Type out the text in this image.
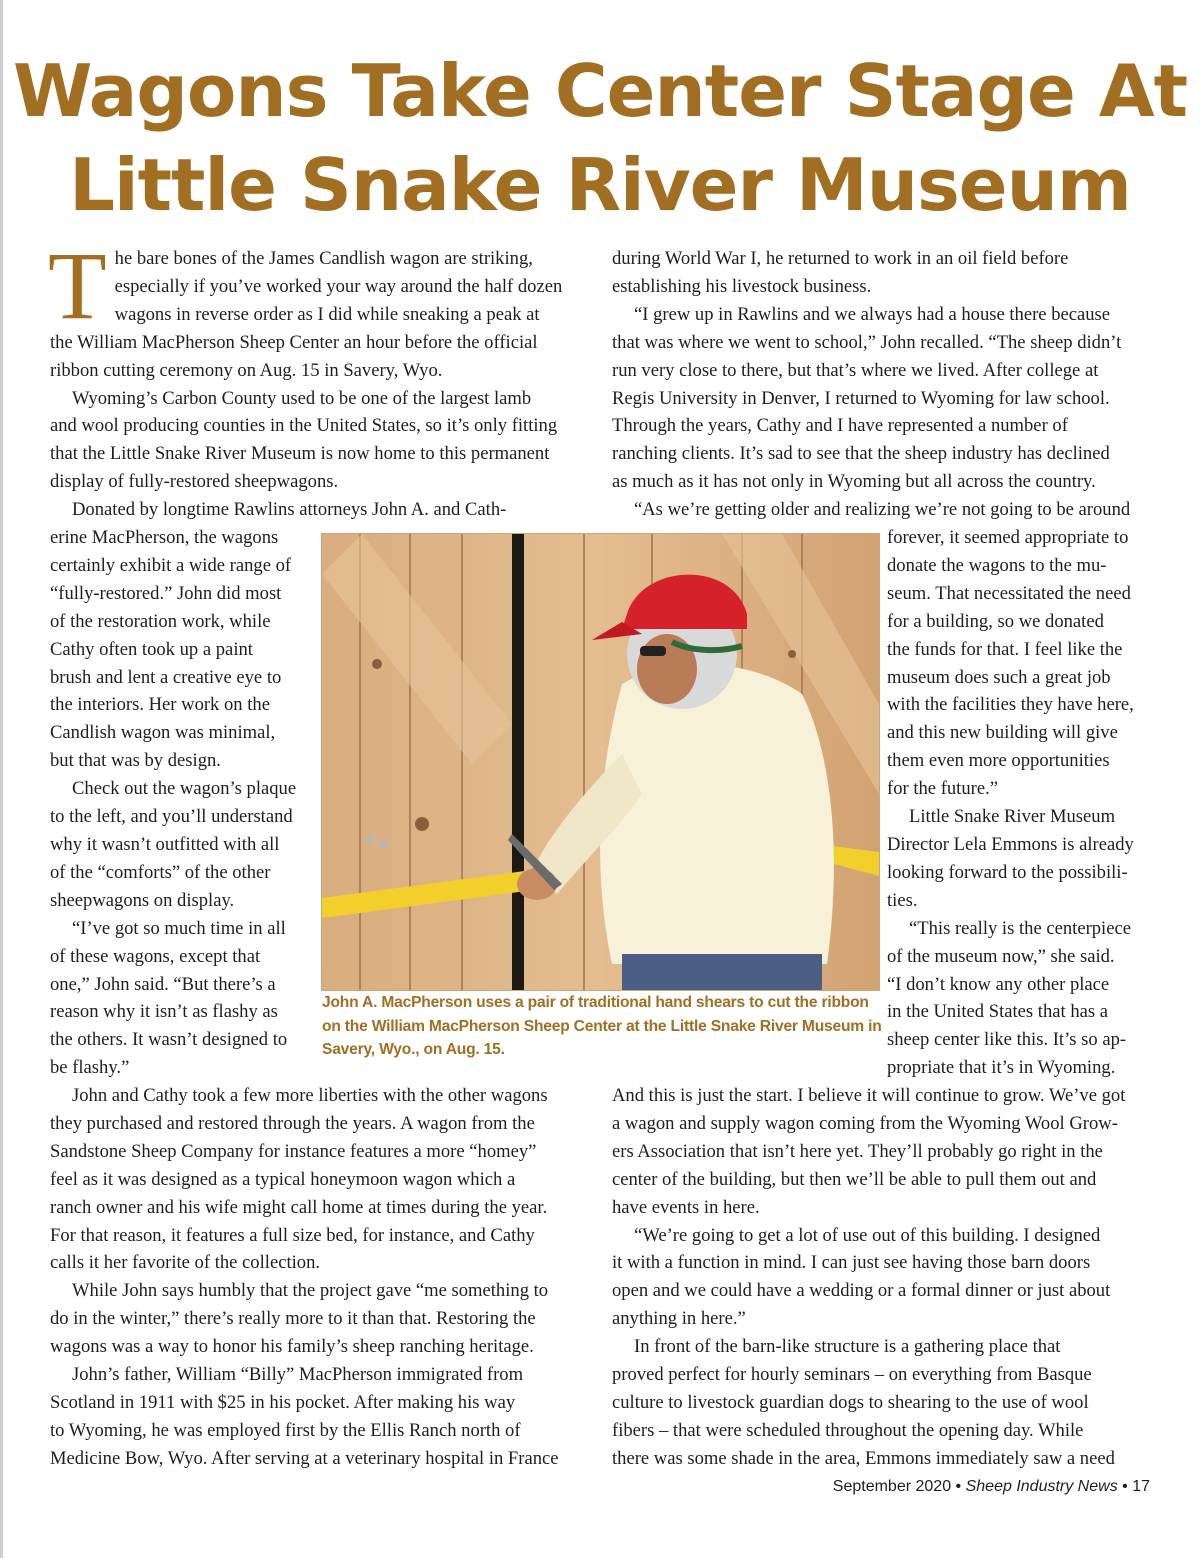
Wagons Take Center Stage At
Little Snake River Museum

T he bare bones of the James Candlish wagon are striking,
especially if you’ve worked your way around the half dozen
wagons in reverse order as I did while sneaking a peak at
the William MacPherson Sheep Center an hour before the official
ribbon cutting ceremony on Aug. 15 in Savery, Wyo.

Wyoming’s Carbon County used to be one of the largest lamb
and wool producing counties in the United States, so it’s only fitting
that the Little Snake River Museum is now home to this permanent
display of fully-restored sheepwagons.

Donated by longtime Rawlins attorneys John A. and Cath-

erine MacPherson, the wagons
certainly exhibit a wide range of
“fully-restored.” John did most
of the restoration work, while
Cathy often took up a paint
brush and lent a creative eye to
the interiors. Her work on the
Candlish wagon was minimal,
but that was by design.

Check out the wagon’s plaque
to the left, and you’ll understand
why it wasn’t outfitted with all
of the “comforts” of the other
sheepwagons on display.

“I’ve got so much time in all
of these wagons, except that
one,” John said. “But there’s a
reason why it isn’t as flashy as
the others. It wasn’t designed to
be flashy.”

John and Cathy took a few more liberties with the other wagons
they purchased and restored through the years. A wagon from the
Sandstone Sheep Company for instance features a more “homey”
feel as it was designed as a typical honeymoon wagon which a
ranch owner and his wife might call home at times during the year.
For that reason, it features a full size bed, for instance, and Cathy
calls it her favorite of the collection.

While John says humbly that the project gave “me something to
do in the winter,” there’s really more to it than that. Restoring the
wagons was a way to honor his family’s sheep ranching heritage.

John’s father, William “Billy” MacPherson immigrated from
Scotland in 1911 with $25 in his pocket. After making his way
to Wyoming, he was employed first by the Ellis Ranch north of
Medicine Bow, Wyo. After serving at a veterinary hospital in France

during World War I, he returned to work in an oil field before
establishing his livestock business.

“I grew up in Rawlins and we always had a house there because
that was where we went to school,” John recalled. “The sheep didn’t
run very close to there, but that’s where we lived. After college at
Regis University in Denver, I returned to Wyoming for law school.
Through the years, Cathy and I have represented a number of
ranching clients. It’s sad to see that the sheep industry has declined
as much as it has not only in Wyoming but all across the country.

“As we’re getting older and realizing we’re not going to be around

forever, it seemed appropriate to
donate the wagons to the mu-
seum. That necessitated the need
for a building, so we donated
the funds for that. I feel like the
museum does such a great job
with the facilities they have here,
and this new building will give
them even more opportunities
for the future.”

Little Snake River Museum
Director Lela Emmons is already
looking forward to the possibili-
ties.

“This really is the centerpiece
of the museum now,” she said.
“I don’t know any other place
in the United States that has a
sheep center like this. It’s so ap-
propriate that it’s in Wyoming.

And this is just the start. I believe it will continue to grow. We’ve got
a wagon and supply wagon coming from the Wyoming Wool Grow-
ers Association that isn’t here yet. They’ll probably go right in the
center of the building, but then we’ll be able to pull them out and
have events in here.

“We’re going to get a lot of use out of this building. I designed
it with a function in mind. I can just see having those barn doors
open and we could have a wedding or a formal dinner or just about
anything in here.”

In front of the barn-like structure is a gathering place that
proved perfect for hourly seminars – on everything from Basque
culture to livestock guardian dogs to shearing to the use of wool
fibers – that were scheduled throughout the opening day. While
there was some shade in the area, Emmons immediately saw a need

John A. MacPherson uses a pair of traditional hand shears to cut the ribbon
on the William MacPherson Sheep Center at the Little Snake River Museum in
Savery, Wyo., on Aug. 15.
September 2020 • Sheep Industry News • 17
